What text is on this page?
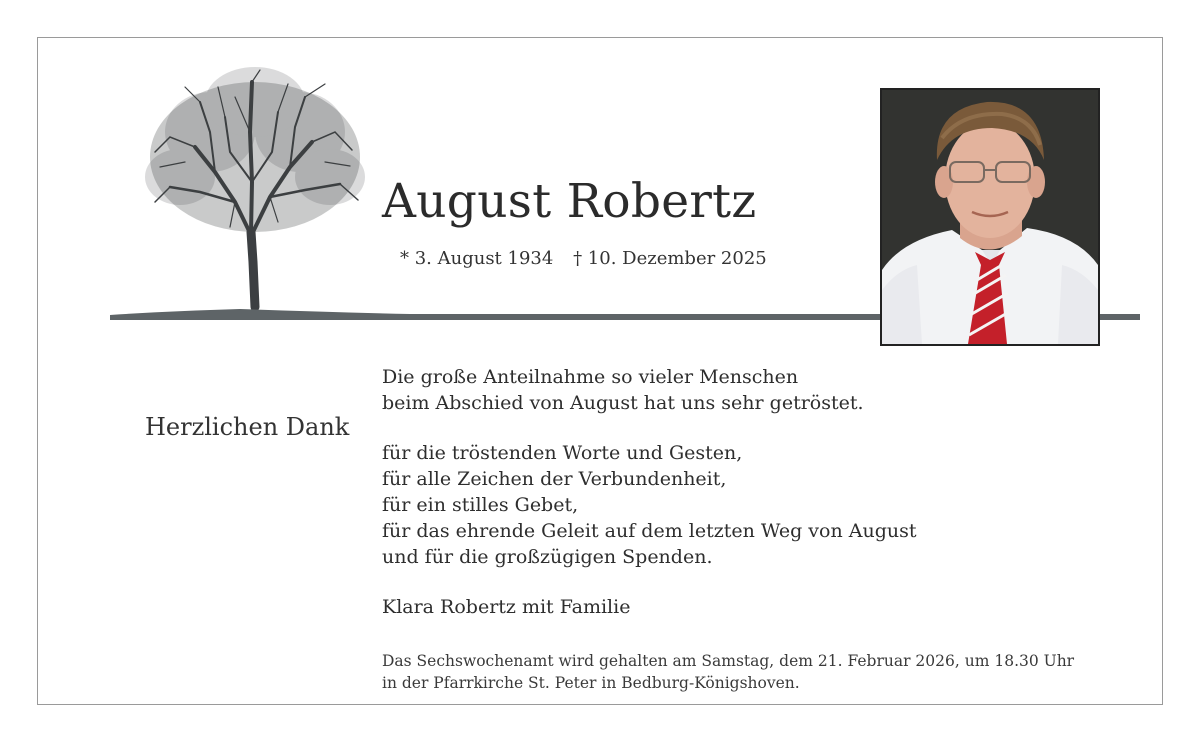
August Robertz
* 3. August 1934 † 10. Dezember 2025
Herzlichen Dank

Die große Anteilnahme so vieler Menschen
beim Abschied von August hat uns sehr getröstet.

für die tröstenden Worte und Gesten,
für alle Zeichen der Verbundenheit,
für ein stilles Gebet,
für das ehrende Geleit auf dem letzten Weg von August
und für die großzügigen Spenden.

Klara Robertz mit Familie

Das Sechswochenamt wird gehalten am Samstag, dem 21. Februar 2026, um 18.30 Uhr

in der Pfarrkirche St. Peter in Bedburg-Königshoven.
